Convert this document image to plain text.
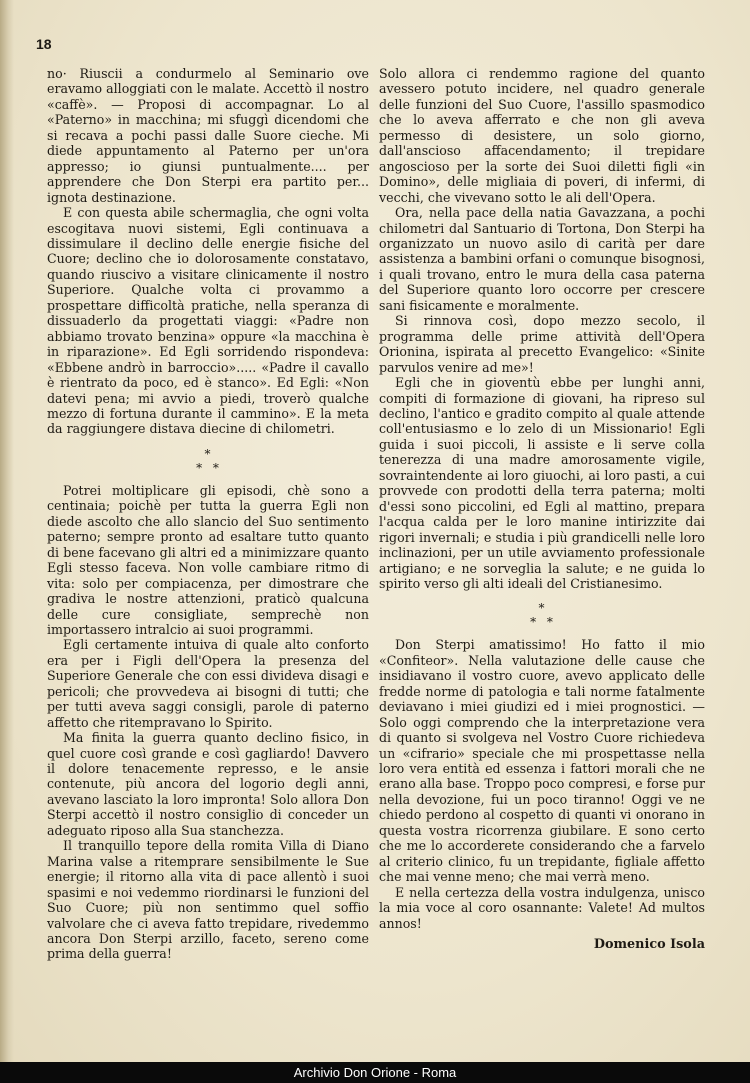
18

no· Riuscii a condurmelo al Seminario ove eravamo alloggiati con le malate. Accettò il nostro «caffè». — Proposi di accompagnar. Lo al «Paterno» in macchina; mi sfuggì dicendomi che si recava a pochi passi dalle Suore cieche. Mi diede appuntamento al Paterno per un'ora appresso; io giunsi puntualmente.... per apprendere che Don Sterpi era partito per... ignota destinazione.

E con questa abile schermaglia, che ogni volta escogitava nuovi sistemi, Egli continuava a dissimulare il declino delle energie fisiche del Cuore; declino che io dolorosamente constatavo, quando riuscivo a visitare clinicamente il nostro Superiore. Qualche volta ci provammo a prospettare difficoltà pratiche, nella speranza di dissuaderlo da progettati viaggi: «Padre non abbiamo trovato benzina» oppure «la macchina è in riparazione». Ed Egli sorridendo rispondeva: «Ebbene andrò in barroccio»..... «Padre il cavallo è rientrato da poco, ed è stanco». Ed Egli: «Non datevi pena; mi avvio a piedi, troverò qualche mezzo di fortuna durante il cammino». E la meta da raggiungere distava diecine di chilometri.

*
* *

Potrei moltiplicare gli episodi, chè sono a centinaia; poichè per tutta la guerra Egli non diede ascolto che allo slancio del Suo sentimento paterno; sempre pronto ad esaltare tutto quanto di bene facevano gli altri ed a minimizzare quanto Egli stesso faceva. Non volle cambiare ritmo di vita: solo per compiacenza, per dimostrare che gradiva le nostre attenzioni, praticò qualcuna delle cure consigliate, semprechè non importassero intralcio ai suoi programmi.

Egli certamente intuiva di quale alto conforto era per i Figli dell'Opera la presenza del Superiore Generale che con essi divideva disagi e pericoli; che provvedeva ai bisogni di tutti; che per tutti aveva saggi consigli, parole di paterno affetto che ritempravano lo Spirito.

Ma finita la guerra quanto declino fisico, in quel cuore così grande e così gagliardo! Davvero il dolore tenacemente represso, e le ansie contenute, più ancora del logorio degli anni, avevano lasciato la loro impronta! Solo allora Don Sterpi accettò il nostro consiglio di conceder un adeguato riposo alla Sua stanchezza.

Il tranquillo tepore della romita Villa di Diano Marina valse a ritemprare sensibilmente le Sue energie; il ritorno alla vita di pace allentò i suoi spasimi e noi vedemmo riordinarsi le funzioni del Suo Cuore; più non sentimmo quel soffio valvolare che ci aveva fatto trepidare, rivedemmo ancora Don Sterpi arzillo, faceto, sereno come prima della guerra!

Solo allora ci rendemmo ragione del quanto avessero potuto incidere, nel quadro generale delle funzioni del Suo Cuore, l'assillo spasmodico che lo aveva afferrato e che non gli aveva permesso di desistere, un solo giorno, dall'anscioso affacendamento; il trepidare angoscioso per la sorte dei Suoi diletti figli «in Domino», delle migliaia di poveri, di infermi, di vecchi, che vivevano sotto le ali dell'Opera.

Ora, nella pace della natia Gavazzana, a pochi chilometri dal Santuario di Tortona, Don Sterpi ha organizzato un nuovo asilo di carità per dare assistenza a bambini orfani o comunque bisognosi, i quali trovano, entro le mura della casa paterna del Superiore quanto loro occorre per crescere sani fisicamente e moralmente.

Si rinnova così, dopo mezzo secolo, il programma delle prime attività dell'Opera Orionina, ispirata al precetto Evangelico: «Sinite parvulos venire ad me»!

Egli che in gioventù ebbe per lunghi anni, compiti di formazione di giovani, ha ripreso sul declino, l'antico e gradito compito al quale attende coll'entusiasmo e lo zelo di un Missionario! Egli guida i suoi piccoli, li assiste e li serve colla tenerezza di una madre amorosamente vigile, sovraintendente ai loro giuochi, ai loro pasti, a cui provvede con prodotti della terra paterna; molti d'essi sono piccolini, ed Egli al mattino, prepara l'acqua calda per le loro manine intirizzite dai rigori invernali; e studia i più grandicelli nelle loro inclinazioni, per un utile avviamento professionale artigiano; e ne sorveglia la salute; e ne guida lo spirito verso gli alti ideali del Cristianesimo.

*
* *

Don Sterpi amatissimo! Ho fatto il mio «Confiteor». Nella valutazione delle cause che insidiavano il vostro cuore, avevo applicato delle fredde norme di patologia e tali norme fatalmente deviavano i miei giudizi ed i miei prognostici. — Solo oggi comprendo che la interpretazione vera di quanto si svolgeva nel Vostro Cuore richiedeva un «cifrario» speciale che mi prospettasse nella loro vera entità ed essenza i fattori morali che ne erano alla base. Troppo poco compresi, e forse pur nella devozione, fui un poco tiranno! Oggi ve ne chiedo perdono al cospetto di quanti vi onorano in questa vostra ricorrenza giubilare. E sono certo che me lo accorderete considerando che a farvelo al criterio clinico, fu un trepidante, figliale affetto che mai venne meno; che mai verrà meno.

E nella certezza della vostra indulgenza, unisco la mia voce al coro osannante: Valete! Ad multos annos!

Domenico Isola
Archivio Don Orione - Roma
